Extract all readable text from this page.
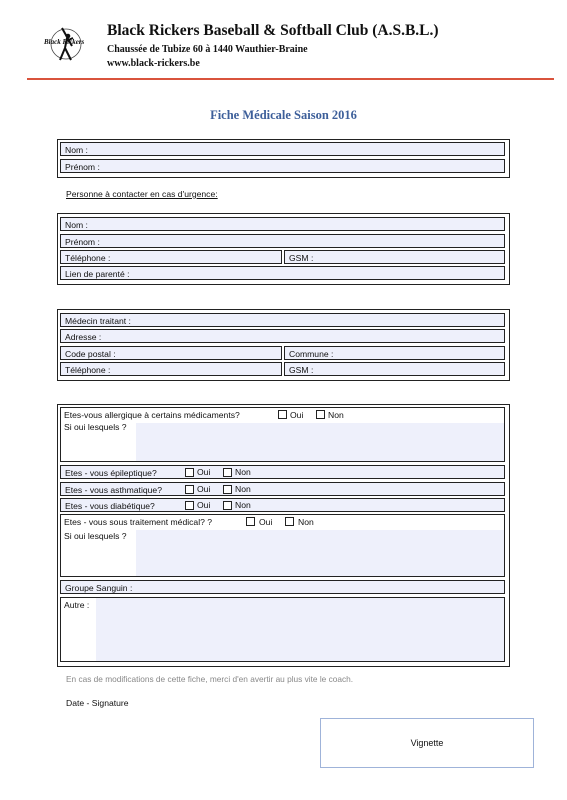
Black Rickers
Black Rickers Baseball & Softball Club (A.S.B.L.)
Chaussée de Tubize 60 à 1440 Wauthier-Braine
www.black-rickers.be
Fiche Médicale Saison 2016
Nom :
Prénom :
Personne à contacter en cas d'urgence:
Nom :
Prénom :
Téléphone :	GSM :
Lien de parenté :
Médecin traitant :
Adresse :
Code postal :	Commune :
Téléphone :	GSM :
Etes-vous allergique à certains médicaments?	Oui	Non
Si oui lesquels ?
Etes - vous épileptique?	Oui	Non
Etes - vous asthmatique?	Oui	Non
Etes - vous diabétique?	Oui	Non
Etes - vous sous traitement médical? ?	Oui	Non
Si oui lesquels ?
Groupe Sanguin :
Autre :
En cas de modifications de cette fiche, merci d'en avertir au plus vite le coach.
Date - Signature
Vignette
